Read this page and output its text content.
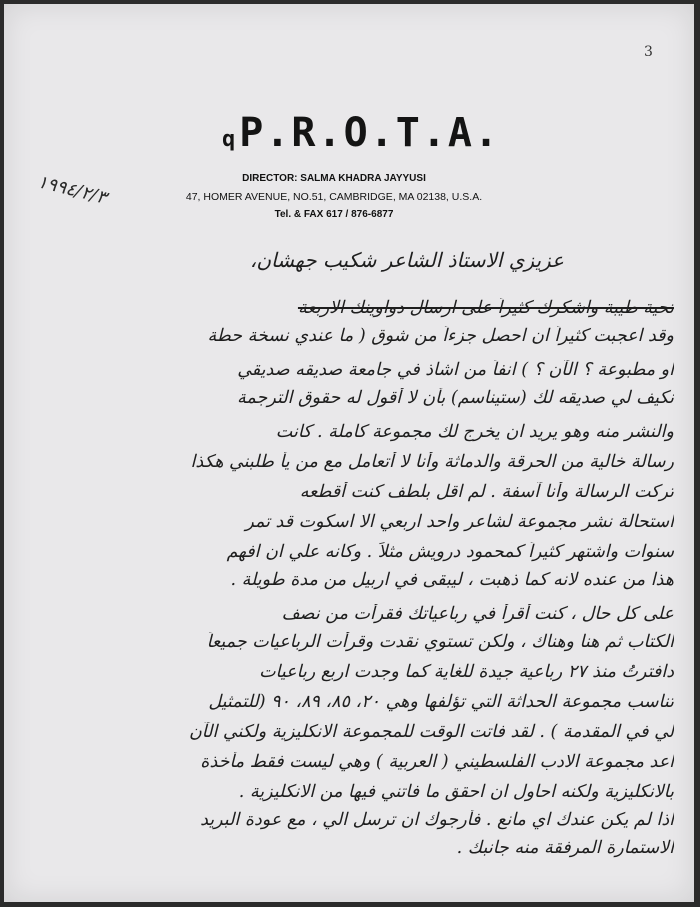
3
qP.R.O.T.A.
DIRECTOR: SALMA KHADRA JAYYUSI
47, HOMER AVENUE, NO.51, CAMBRIDGE, MA 02138, U.S.A.
Tel. & FAX 617 / 876-6877
١٩٩٤/٢/٣
عزيزي الاستاذ الشاعر شكيب جهشان،
تحية طيبة واشكرك كثيراً على ارسال دواوينك الاربعة
وقد اعجبت كثيراً ان احصل جزءاً من شوق ( ما عندي نسخة حطة
او مطبوعة ؟ الآن ؟ ) انفاً من اشاذ في جامعة صديقه صديقي
نكيف لي صديقه لك (ستيناسم) بأن لا أقول له حقوق الترجمة
والنشر منه وهو يريد ان يخرج لك مجموعة كاملة . كانت
رسالة خالية من الحرقة والدماثة وأنا لا أتعامل مع من يأ طلبني هكذا
تركت الرسالة وأنا آسفة . لم اقل بلطف كنت أقطعه
استحالة نشر مجموعة لشاعر واحد اربعي الا اسكوت قد تمر
سنوات واشتهر كثيراً كمحمود درويش مثلاً . وكانه علي ان افهم
هذا من عنده لانه كما ذهبت ، ليبقى في اربيل من مدة طويلة .
على كل حال ، كنت أقرأ في رباعياتك فقرأت من نصف
الكتاب ثم هنا وهناك ، ولكن تستوي نقدت وقرأت الرباعيات جميعاً
دافترتُ منذ ٢٧ رباعية جيدة للغاية كما وجدت اربع رباعيات
تناسب مجموعة الحداثة التي تؤلفها وهي ٢٠، ٨٥، ٨٩، ٩٠ (للتمثيل
لي في المقدمة ) . لقد فاتت الوقت للمجموعة الانكليزية ولكني الآن
اعد مجموعة الادب الفلسطيني ( العربية ) وهي ليست فقط مأخذة
بالانكليزية ولكنه احاول ان احقق ما فاتني فيها من الانكليزية .
اذا لم يكن عندك اي مانع . فأرجوك ان ترسل الي ، مع عودة البريد
الاستمارة المرفقة منه جانبك .
